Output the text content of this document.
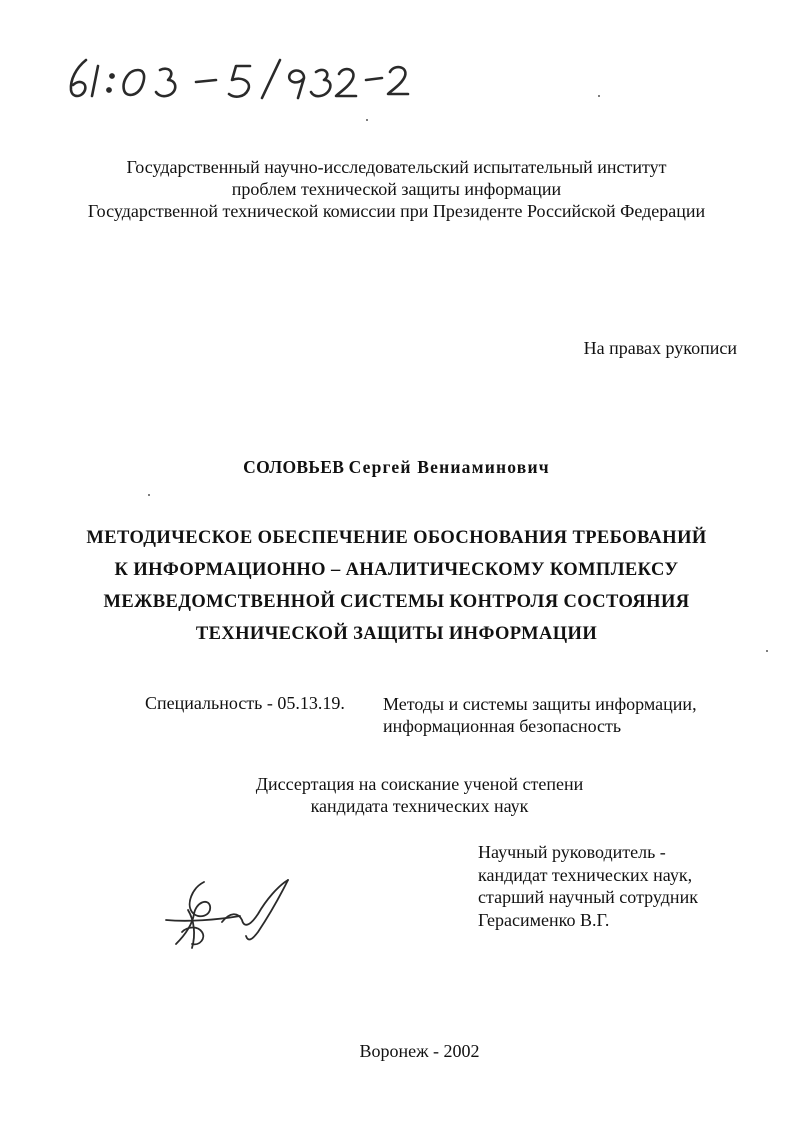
Государственный научно-исследовательский испытательный институт
проблем технической защиты информации
Государственной технической комиссии при Президенте Российской Федерации
На правах рукописи
СОЛОВЬЕВ Сергей Вениаминович
МЕТОДИЧЕСКОЕ ОБЕСПЕЧЕНИЕ ОБОСНОВАНИЯ ТРЕБОВАНИЙ
К ИНФОРМАЦИОННО – АНАЛИТИЧЕСКОМУ КОМПЛЕКСУ
МЕЖВЕДОМСТВЕННОЙ СИСТЕМЫ КОНТРОЛЯ СОСТОЯНИЯ
ТЕХНИЧЕСКОЙ ЗАЩИТЫ ИНФОРМАЦИИ
Специальность - 05.13.19. Методы и системы защиты информации,
информационная безопасность
Диссертация на соискание ученой степени
кандидата технических наук
Научный руководитель -
кандидат технических наук,
старший научный сотрудник
Герасименко В.Г.
Воронеж - 2002
